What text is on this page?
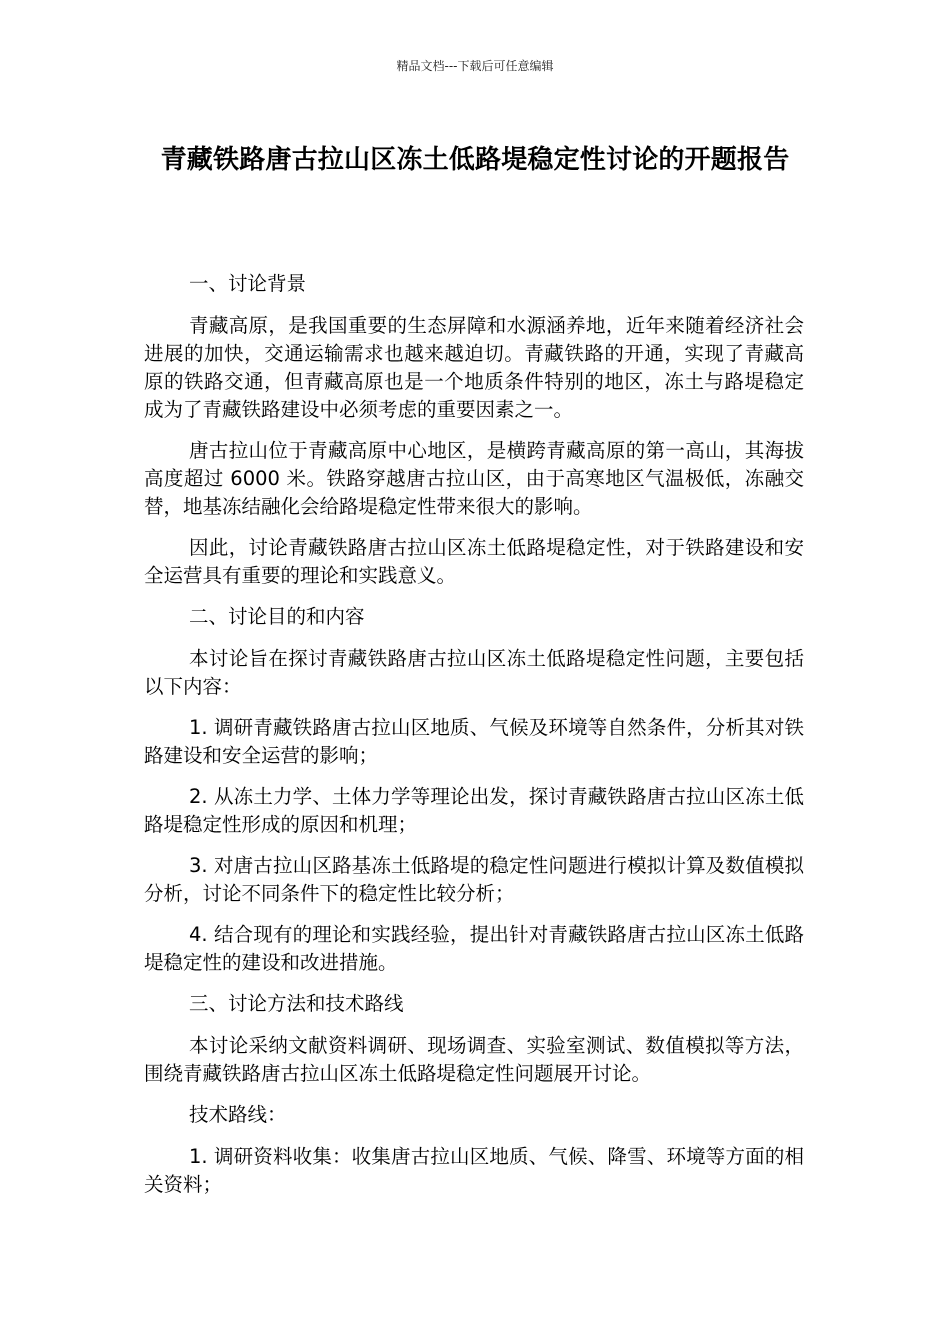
精品文档---下载后可任意编辑
青藏铁路唐古拉山区冻土低路堤稳定性讨论的开题报告

一、讨论背景

青藏高原，是我国重要的生态屏障和水源涵养地，近年来随着经济社会进展的加快，交通运输需求也越来越迫切。青藏铁路的开通，实现了青藏高原的铁路交通，但青藏高原也是一个地质条件特别的地区，冻土与路堤稳定成为了青藏铁路建设中必须考虑的重要因素之一。

唐古拉山位于青藏高原中心地区，是横跨青藏高原的第一高山，其海拔高度超过 6000 米。铁路穿越唐古拉山区，由于高寒地区气温极低，冻融交替，地基冻结融化会给路堤稳定性带来很大的影响。

因此，讨论青藏铁路唐古拉山区冻土低路堤稳定性，对于铁路建设和安全运营具有重要的理论和实践意义。

二、讨论目的和内容

本讨论旨在探讨青藏铁路唐古拉山区冻土低路堤稳定性问题，主要包括以下内容：

1. 调研青藏铁路唐古拉山区地质、气候及环境等自然条件，分析其对铁路建设和安全运营的影响；

2. 从冻土力学、土体力学等理论出发，探讨青藏铁路唐古拉山区冻土低路堤稳定性形成的原因和机理；

3. 对唐古拉山区路基冻土低路堤的稳定性问题进行模拟计算及数值模拟分析，讨论不同条件下的稳定性比较分析；

4. 结合现有的理论和实践经验，提出针对青藏铁路唐古拉山区冻土低路堤稳定性的建设和改进措施。

三、讨论方法和技术路线

本讨论采纳文献资料调研、现场调查、实验室测试、数值模拟等方法，围绕青藏铁路唐古拉山区冻土低路堤稳定性问题展开讨论。

技术路线：

1. 调研资料收集：收集唐古拉山区地质、气候、降雪、环境等方面的相关资料；
